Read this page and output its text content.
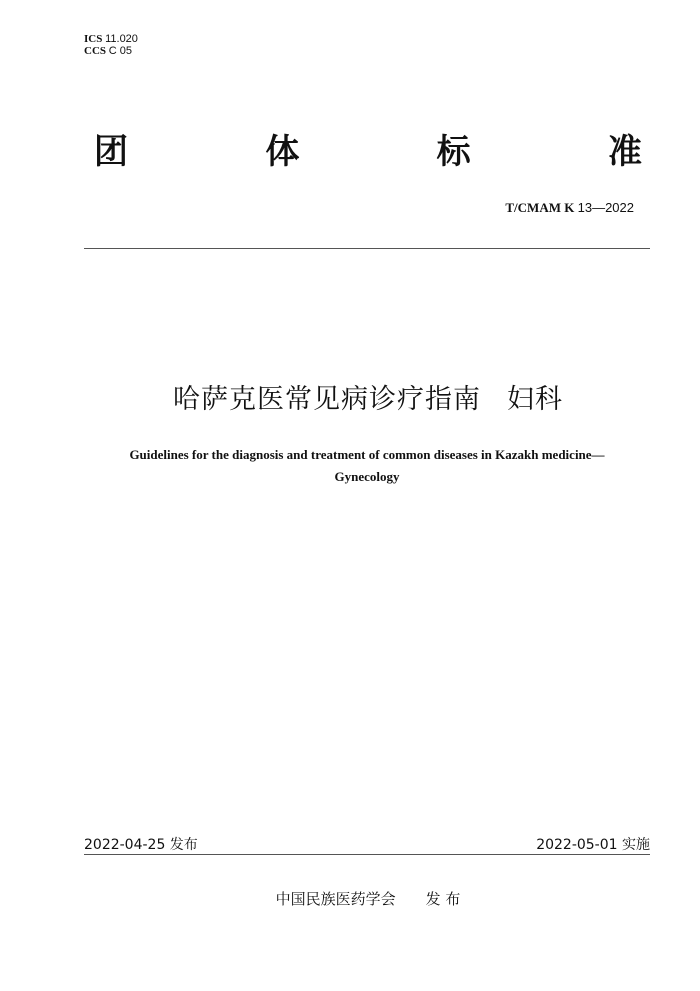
ICS 11.020
CCS C 05
团	体	标	准
T/CMAM K 13—2022
哈萨克医常见病诊疗指南 妇科
Guidelines for the diagnosis and treatment of common diseases in Kazakh medicine—
Gynecology
2022-04-25 发布	2022-05-01 实施
中国民族医药学会 发 布
